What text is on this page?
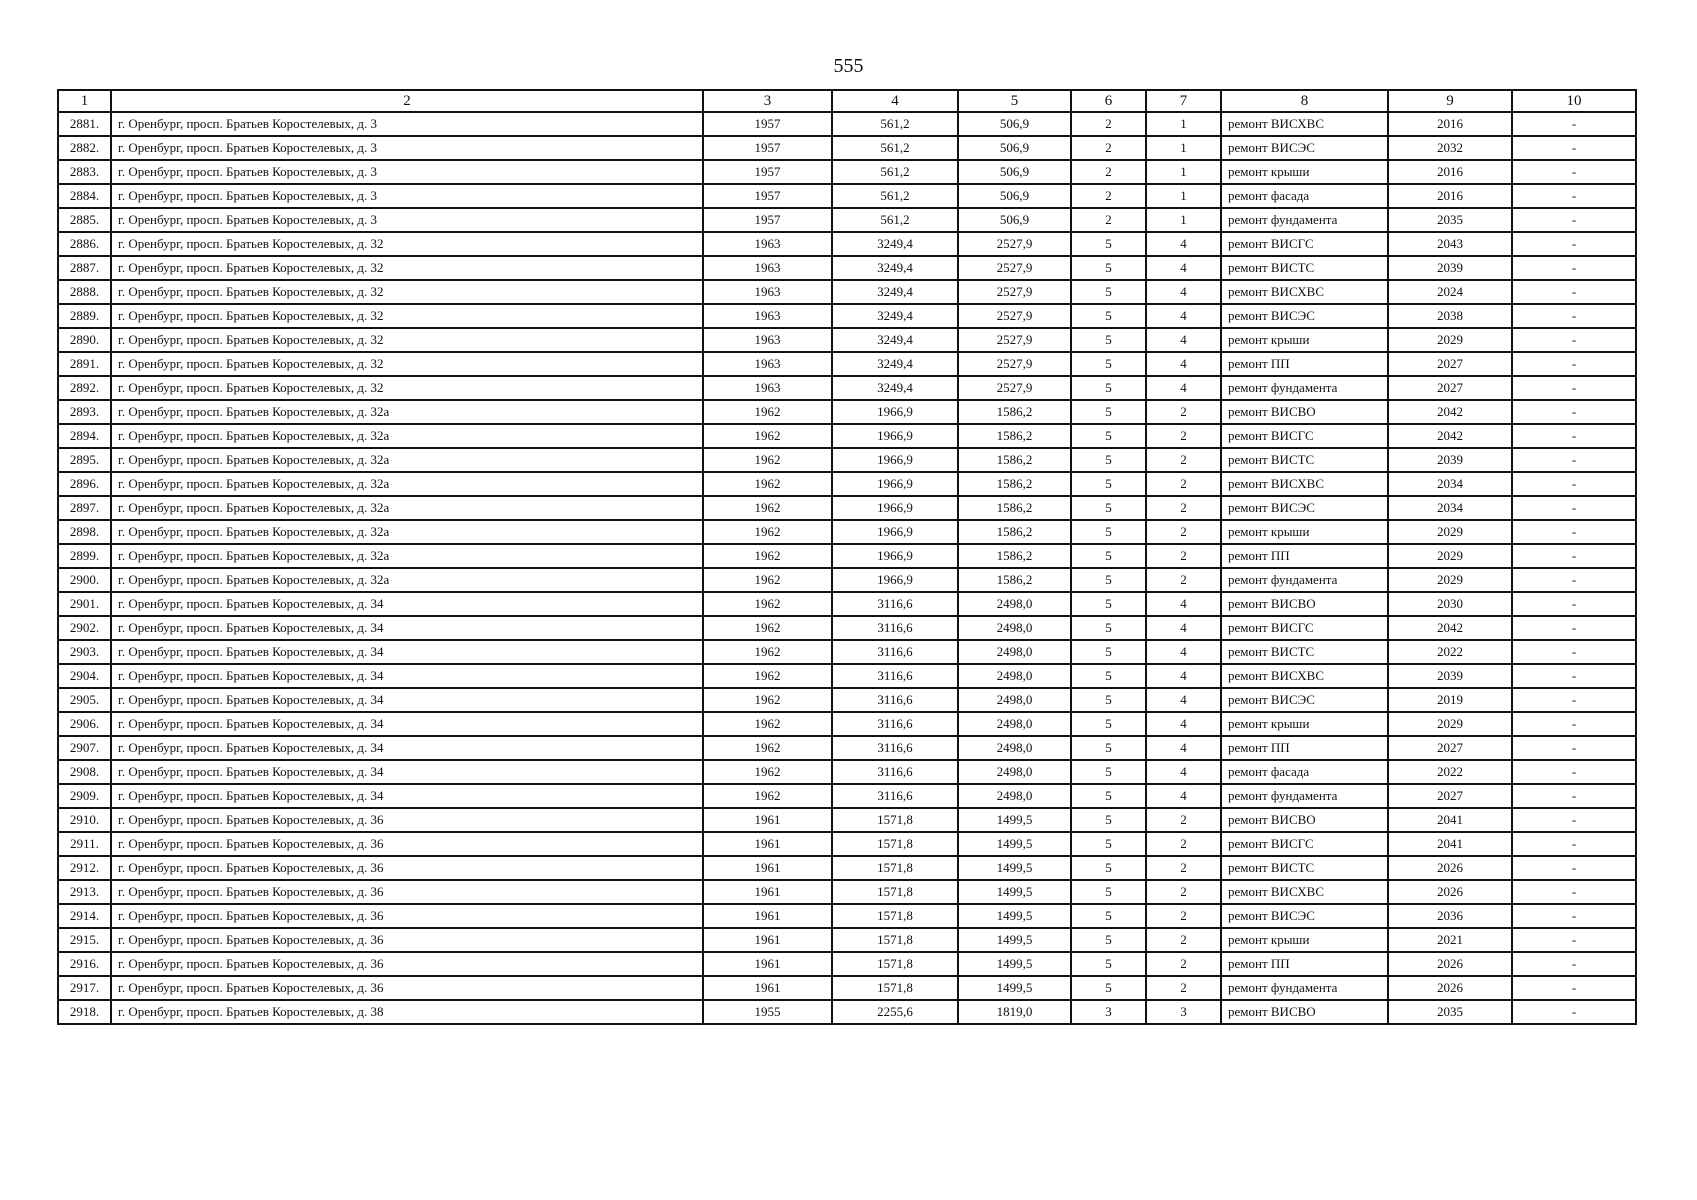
555
1	2	3	4	5	6	7	8	9	10
2881.	г. Оренбург, просп. Братьев Коростелевых, д. 3	1957	561,2	506,9	2	1	ремонт ВИСХВС	2016	-
2882.	г. Оренбург, просп. Братьев Коростелевых, д. 3	1957	561,2	506,9	2	1	ремонт ВИСЭС	2032	-
2883.	г. Оренбург, просп. Братьев Коростелевых, д. 3	1957	561,2	506,9	2	1	ремонт крыши	2016	-
2884.	г. Оренбург, просп. Братьев Коростелевых, д. 3	1957	561,2	506,9	2	1	ремонт фасада	2016	-
2885.	г. Оренбург, просп. Братьев Коростелевых, д. 3	1957	561,2	506,9	2	1	ремонт фундамента	2035	-
2886.	г. Оренбург, просп. Братьев Коростелевых, д. 32	1963	3249,4	2527,9	5	4	ремонт ВИСГС	2043	-
2887.	г. Оренбург, просп. Братьев Коростелевых, д. 32	1963	3249,4	2527,9	5	4	ремонт ВИСТС	2039	-
2888.	г. Оренбург, просп. Братьев Коростелевых, д. 32	1963	3249,4	2527,9	5	4	ремонт ВИСХВС	2024	-
2889.	г. Оренбург, просп. Братьев Коростелевых, д. 32	1963	3249,4	2527,9	5	4	ремонт ВИСЭС	2038	-
2890.	г. Оренбург, просп. Братьев Коростелевых, д. 32	1963	3249,4	2527,9	5	4	ремонт крыши	2029	-
2891.	г. Оренбург, просп. Братьев Коростелевых, д. 32	1963	3249,4	2527,9	5	4	ремонт ПП	2027	-
2892.	г. Оренбург, просп. Братьев Коростелевых, д. 32	1963	3249,4	2527,9	5	4	ремонт фундамента	2027	-
2893.	г. Оренбург, просп. Братьев Коростелевых, д. 32а	1962	1966,9	1586,2	5	2	ремонт ВИСВО	2042	-
2894.	г. Оренбург, просп. Братьев Коростелевых, д. 32а	1962	1966,9	1586,2	5	2	ремонт ВИСГС	2042	-
2895.	г. Оренбург, просп. Братьев Коростелевых, д. 32а	1962	1966,9	1586,2	5	2	ремонт ВИСТС	2039	-
2896.	г. Оренбург, просп. Братьев Коростелевых, д. 32а	1962	1966,9	1586,2	5	2	ремонт ВИСХВС	2034	-
2897.	г. Оренбург, просп. Братьев Коростелевых, д. 32а	1962	1966,9	1586,2	5	2	ремонт ВИСЭС	2034	-
2898.	г. Оренбург, просп. Братьев Коростелевых, д. 32а	1962	1966,9	1586,2	5	2	ремонт крыши	2029	-
2899.	г. Оренбург, просп. Братьев Коростелевых, д. 32а	1962	1966,9	1586,2	5	2	ремонт ПП	2029	-
2900.	г. Оренбург, просп. Братьев Коростелевых, д. 32а	1962	1966,9	1586,2	5	2	ремонт фундамента	2029	-
2901.	г. Оренбург, просп. Братьев Коростелевых, д. 34	1962	3116,6	2498,0	5	4	ремонт ВИСВО	2030	-
2902.	г. Оренбург, просп. Братьев Коростелевых, д. 34	1962	3116,6	2498,0	5	4	ремонт ВИСГС	2042	-
2903.	г. Оренбург, просп. Братьев Коростелевых, д. 34	1962	3116,6	2498,0	5	4	ремонт ВИСТС	2022	-
2904.	г. Оренбург, просп. Братьев Коростелевых, д. 34	1962	3116,6	2498,0	5	4	ремонт ВИСХВС	2039	-
2905.	г. Оренбург, просп. Братьев Коростелевых, д. 34	1962	3116,6	2498,0	5	4	ремонт ВИСЭС	2019	-
2906.	г. Оренбург, просп. Братьев Коростелевых, д. 34	1962	3116,6	2498,0	5	4	ремонт крыши	2029	-
2907.	г. Оренбург, просп. Братьев Коростелевых, д. 34	1962	3116,6	2498,0	5	4	ремонт ПП	2027	-
2908.	г. Оренбург, просп. Братьев Коростелевых, д. 34	1962	3116,6	2498,0	5	4	ремонт фасада	2022	-
2909.	г. Оренбург, просп. Братьев Коростелевых, д. 34	1962	3116,6	2498,0	5	4	ремонт фундамента	2027	-
2910.	г. Оренбург, просп. Братьев Коростелевых, д. 36	1961	1571,8	1499,5	5	2	ремонт ВИСВО	2041	-
2911.	г. Оренбург, просп. Братьев Коростелевых, д. 36	1961	1571,8	1499,5	5	2	ремонт ВИСГС	2041	-
2912.	г. Оренбург, просп. Братьев Коростелевых, д. 36	1961	1571,8	1499,5	5	2	ремонт ВИСТС	2026	-
2913.	г. Оренбург, просп. Братьев Коростелевых, д. 36	1961	1571,8	1499,5	5	2	ремонт ВИСХВС	2026	-
2914.	г. Оренбург, просп. Братьев Коростелевых, д. 36	1961	1571,8	1499,5	5	2	ремонт ВИСЭС	2036	-
2915.	г. Оренбург, просп. Братьев Коростелевых, д. 36	1961	1571,8	1499,5	5	2	ремонт крыши	2021	-
2916.	г. Оренбург, просп. Братьев Коростелевых, д. 36	1961	1571,8	1499,5	5	2	ремонт ПП	2026	-
2917.	г. Оренбург, просп. Братьев Коростелевых, д. 36	1961	1571,8	1499,5	5	2	ремонт фундамента	2026	-
2918.	г. Оренбург, просп. Братьев Коростелевых, д. 38	1955	2255,6	1819,0	3	3	ремонт ВИСВО	2035	-
